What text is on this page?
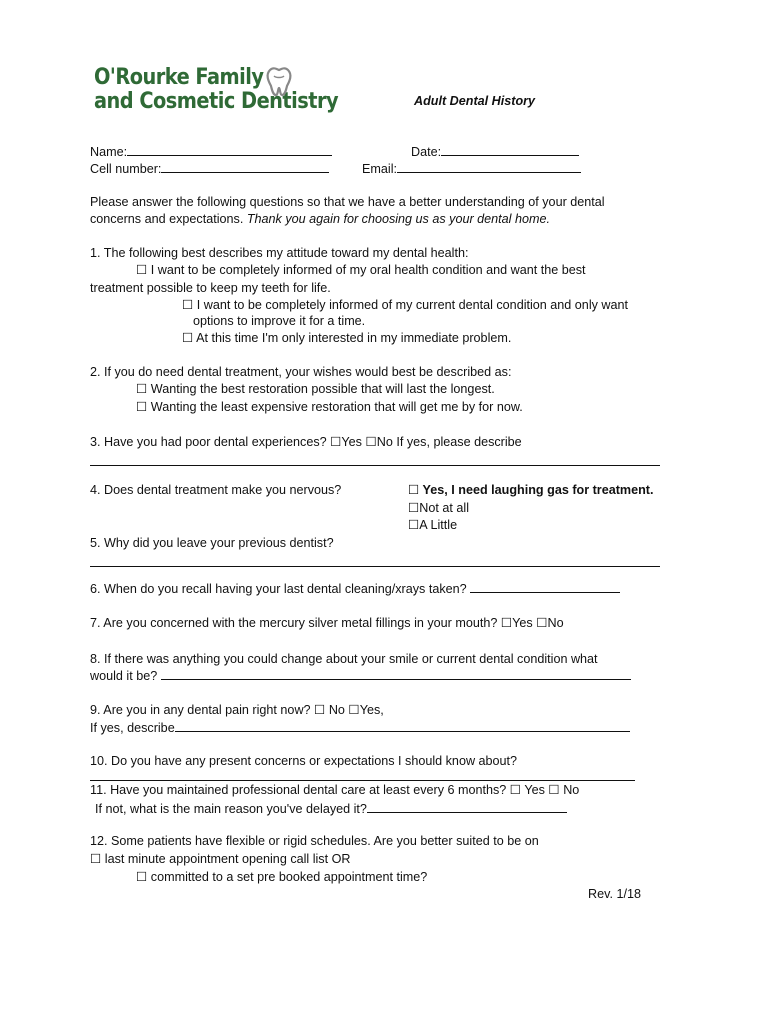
O'Rourke Family
and Cosmetic Dentistry	Adult Dental History
Name:	Date:
Cell number:	Email:
Please answer the following questions so that we have a better understanding of your dental
concerns and expectations. Thank you again for choosing us as your dental home.
1. The following best describes my attitude toward my dental health:
☐ I want to be completely informed of my oral health condition and want the best
treatment possible to keep my teeth for life.
☐ I want to be completely informed of my current dental condition and only want
options to improve it for a time.
☐ At this time I'm only interested in my immediate problem.
2. If you do need dental treatment, your wishes would best be described as:
☐ Wanting the best restoration possible that will last the longest.
☐ Wanting the least expensive restoration that will get me by for now.
3. Have you had poor dental experiences? ☐Yes ☐No If yes, please describe
4. Does dental treatment make you nervous?	☐ Yes, I need laughing gas for treatment.
☐Not at all
☐A Little
5. Why did you leave your previous dentist?
6. When do you recall having your last dental cleaning/xrays taken?
7. Are you concerned with the mercury silver metal fillings in your mouth? ☐Yes ☐No
8. If there was anything you could change about your smile or current dental condition what
would it be?
9. Are you in any dental pain right now? ☐ No ☐Yes,
If yes, describe
10. Do you have any present concerns or expectations I should know about?
11. Have you maintained professional dental care at least every 6 months? ☐ Yes ☐ No
If not, what is the main reason you've delayed it?
12. Some patients have flexible or rigid schedules. Are you better suited to be on
☐ last minute appointment opening call list OR
☐ committed to a set pre booked appointment time?
Rev. 1/18
